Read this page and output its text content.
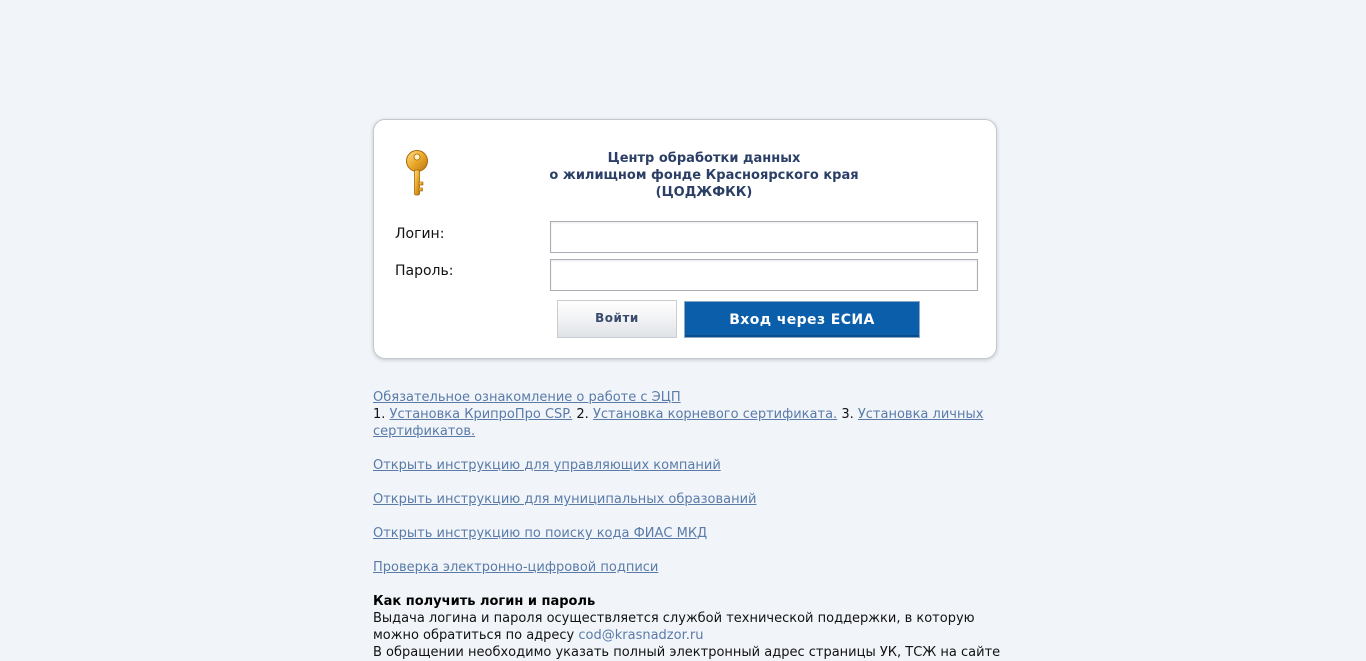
Центр обработки данных
о жилищном фонде Красноярского края
(ЦОДЖФКК)
Логин:
Пароль:
Войти	Вход через ЕСИА
Обязательное ознакомление о работе с ЭЦП
1. Установка КрипроПро CSP. 2. Установка корневого сертификата. 3. Установка личных сертификатов.
Открыть инструкцию для управляющих компаний
Открыть инструкцию для муниципальных образований
Открыть инструкцию по поиску кода ФИАС МКД
Проверка электронно-цифровой подписи
Как получить логин и пароль
Выдача логина и пароля осуществляется службой технической поддержки, в которую можно обратиться по адресу cod@krasnadzor.ru
В обращении необходимо указать полный электронный адрес страницы УК, ТСЖ на сайте
